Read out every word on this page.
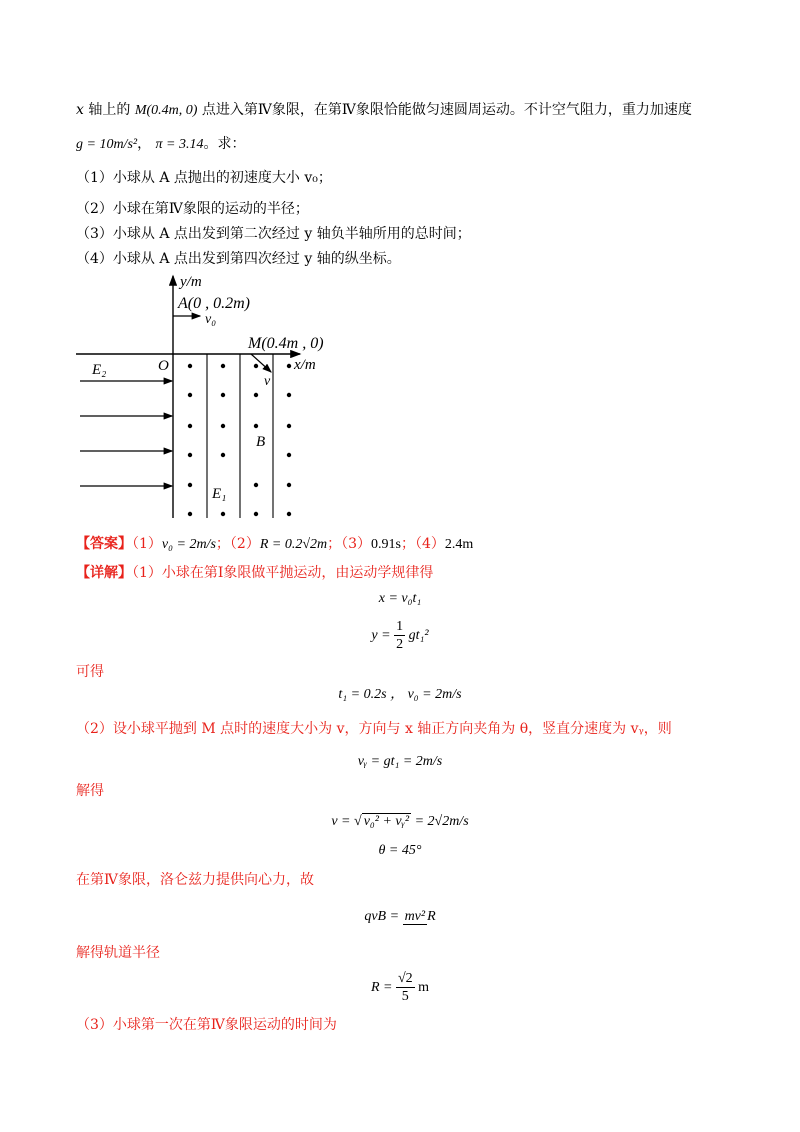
x 轴上的 M(0.4m, 0) 点进入第Ⅳ象限，在第Ⅳ象限恰能做匀速圆周运动。不计空气阻力，重力加速度
g = 10m/s²， π = 3.14。求：
（1）小球从 A 点抛出的初速度大小 v₀；
（2）小球在第Ⅳ象限的运动的半径；
（3）小球从 A 点出发到第二次经过 y 轴负半轴所用的总时间；
（4）小球从 A 点出发到第四次经过 y 轴的纵坐标。
y/m
A(0 , 0.2m)
v₀
x/m
M(0.4m , 0)
O
v
E₂
E₁
B
【答案】（1）v₀ = 2m/s；（2）R = 0.2√2m；（3）0.91s；（4）2.4m
【详解】（1）小球在第Ⅰ象限做平抛运动，由运动学规律得
x = v₀t₁
$y = \frac{1}{2} gt_1^2$
可得
t₁ = 0.2s ， v₀ = 2m/s
（2）设小球平抛到 M 点时的速度大小为 v，方向与 x 轴正方向夹角为 θ，竖直分速度为 vᵧ，则
vᵧ = gt₁ = 2m/s
解得
v = √ v₀² + vᵧ² = 2√2m/s
θ = 45°
在第Ⅳ象限，洛仑兹力提供向心力，故
qvB = mv² R
解得轨道半径
$R = \frac{√2}{5}$ m
（3）小球第一次在第Ⅳ象限运动的时间为
